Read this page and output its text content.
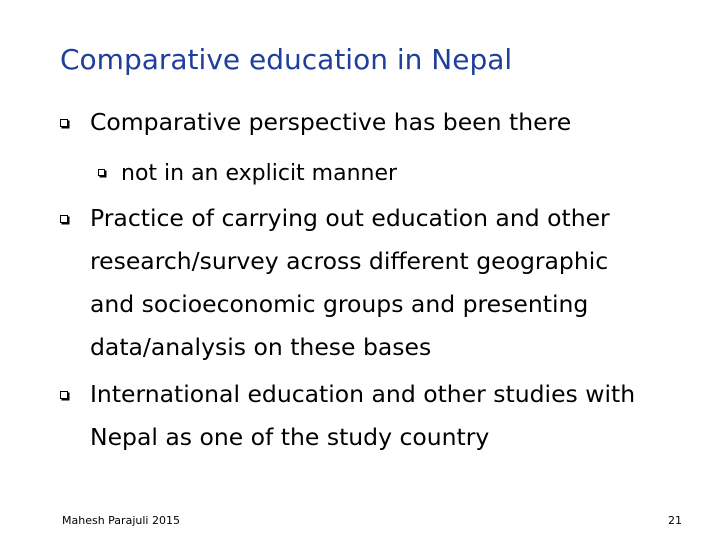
Comparative education in Nepal
Comparative perspective has been there
not in an explicit manner
Practice of carrying out education and other
research/survey across different geographic
and socioeconomic groups and presenting
data/analysis on these bases
International education and other studies with
Nepal as one of the study country
Mahesh Parajuli 2015	21
